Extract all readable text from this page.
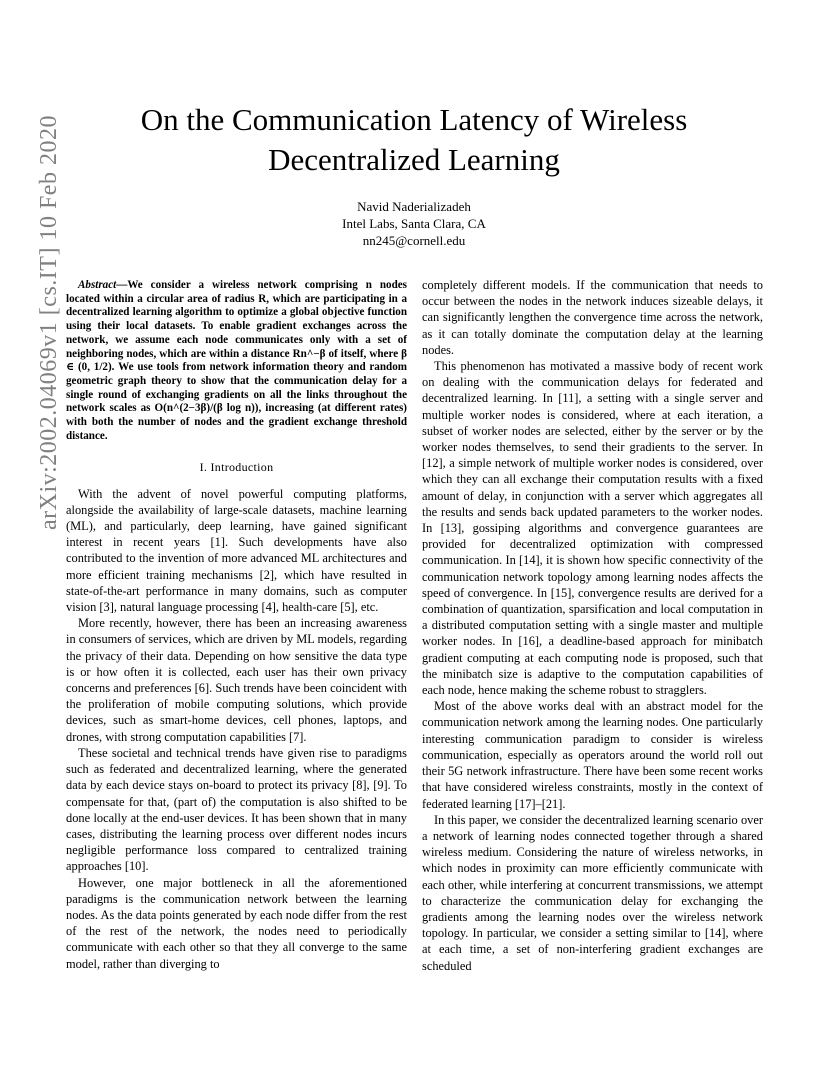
arXiv:2002.04069v1 [cs.IT] 10 Feb 2020	On the Communication Latency of Wireless
Decentralized Learning
Navid Naderializadeh
Intel Labs, Santa Clara, CA
nn245@cornell.edu
Abstract—We consider a wireless network comprising n nodes located within a circular area of radius R, which are participating in a decentralized learning algorithm to optimize a global objective function using their local datasets. To enable gradient exchanges across the network, we assume each node communicates only with a set of neighboring nodes, which are within a distance Rn^−β of itself, where β ∈ (0, 1/2). We use tools from network information theory and random geometric graph theory to show that the communication delay for a single round of exchanging gradients on all the links throughout the network scales as O(n^(2−3β)/(β log n)), increasing (at different rates) with both the number of nodes and the gradient exchange threshold distance.
I. Introduction

With the advent of novel powerful computing platforms, alongside the availability of large-scale datasets, machine learning (ML), and particularly, deep learning, have gained significant interest in recent years [1]. Such developments have also contributed to the invention of more advanced ML architectures and more efficient training mechanisms [2], which have resulted in state-of-the-art performance in many domains, such as computer vision [3], natural language processing [4], health-care [5], etc.

More recently, however, there has been an increasing awareness in consumers of services, which are driven by ML models, regarding the privacy of their data. Depending on how sensitive the data type is or how often it is collected, each user has their own privacy concerns and preferences [6]. Such trends have been coincident with the proliferation of mobile computing solutions, which provide devices, such as smart-home devices, cell phones, laptops, and drones, with strong computation capabilities [7].

These societal and technical trends have given rise to paradigms such as federated and decentralized learning, where the generated data by each device stays on-board to protect its privacy [8], [9]. To compensate for that, (part of) the computation is also shifted to be done locally at the end-user devices. It has been shown that in many cases, distributing the learning process over different nodes incurs negligible performance loss compared to centralized training approaches [10].

However, one major bottleneck in all the aforementioned paradigms is the communication network between the learning nodes. As the data points generated by each node differ from the rest of the rest of the network, the nodes need to periodically communicate with each other so that they all converge to the same model, rather than diverging to

completely different models. If the communication that needs to occur between the nodes in the network induces sizeable delays, it can significantly lengthen the convergence time across the network, as it can totally dominate the computation delay at the learning nodes.

This phenomenon has motivated a massive body of recent work on dealing with the communication delays for federated and decentralized learning. In [11], a setting with a single server and multiple worker nodes is considered, where at each iteration, a subset of worker nodes are selected, either by the server or by the worker nodes themselves, to send their gradients to the server. In [12], a simple network of multiple worker nodes is considered, over which they can all exchange their computation results with a fixed amount of delay, in conjunction with a server which aggregates all the results and sends back updated parameters to the worker nodes. In [13], gossiping algorithms and convergence guarantees are provided for decentralized optimization with compressed communication. In [14], it is shown how specific connectivity of the communication network topology among learning nodes affects the speed of convergence. In [15], convergence results are derived for a combination of quantization, sparsification and local computation in a distributed computation setting with a single master and multiple worker nodes. In [16], a deadline-based approach for minibatch gradient computing at each computing node is proposed, such that the minibatch size is adaptive to the computation capabilities of each node, hence making the scheme robust to stragglers.

Most of the above works deal with an abstract model for the communication network among the learning nodes. One particularly interesting communication paradigm to consider is wireless communication, especially as operators around the world roll out their 5G network infrastructure. There have been some recent works that have considered wireless constraints, mostly in the context of federated learning [17]–[21].

In this paper, we consider the decentralized learning scenario over a network of learning nodes connected together through a shared wireless medium. Considering the nature of wireless networks, in which nodes in proximity can more efficiently communicate with each other, while interfering at concurrent transmissions, we attempt to characterize the communication delay for exchanging the gradients among the learning nodes over the wireless network topology. In particular, we consider a setting similar to [14], where at each time, a set of non-interfering gradient exchanges are scheduled
